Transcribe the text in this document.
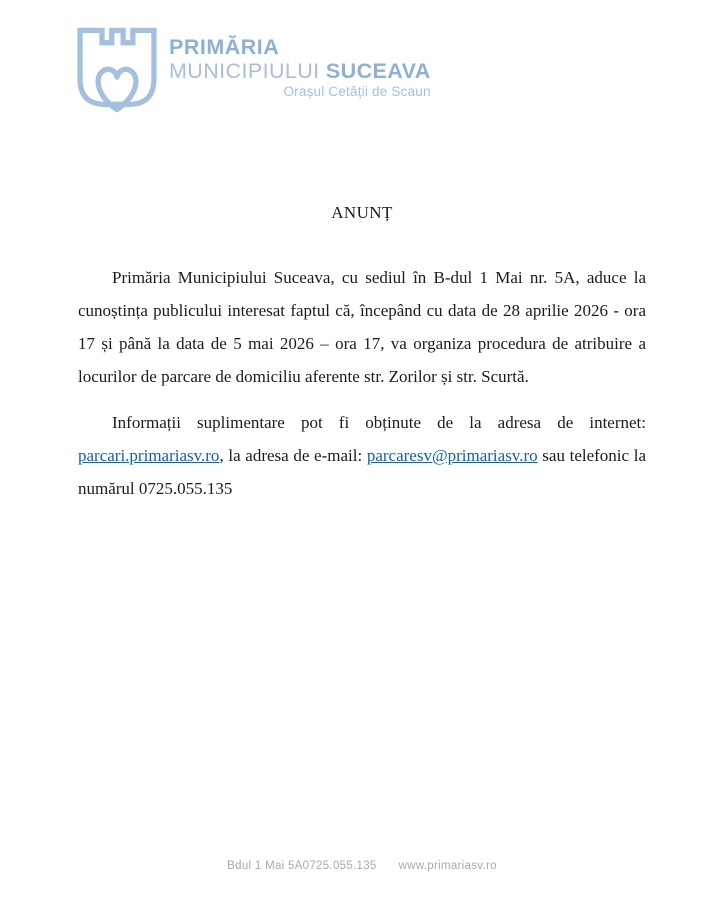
PRIMĂRIA
MUNICIPIULUI SUCEAVA
Orașul Cetății de Scaun
ANUNȚ

Primăria Municipiului Suceava, cu sediul în B-dul 1 Mai nr. 5A, aduce la cunoștința publicului interesat faptul că, începând cu data de 28 aprilie 2026 - ora 17 și până la data de 5 mai 2026 – ora 17, va organiza procedura de atribuire a locurilor de parcare de domiciliu aferente str. Zorilor și str. Scurtă.

Informații suplimentare pot fi obținute de la adresa de internet: parcari.primariasv.ro, la adresa de e-mail: parcaresv@primariasv.ro sau telefonic la numărul 0725.055.135

Bdul 1 Mai 5A0725.055.135 www.primariasv.ro
